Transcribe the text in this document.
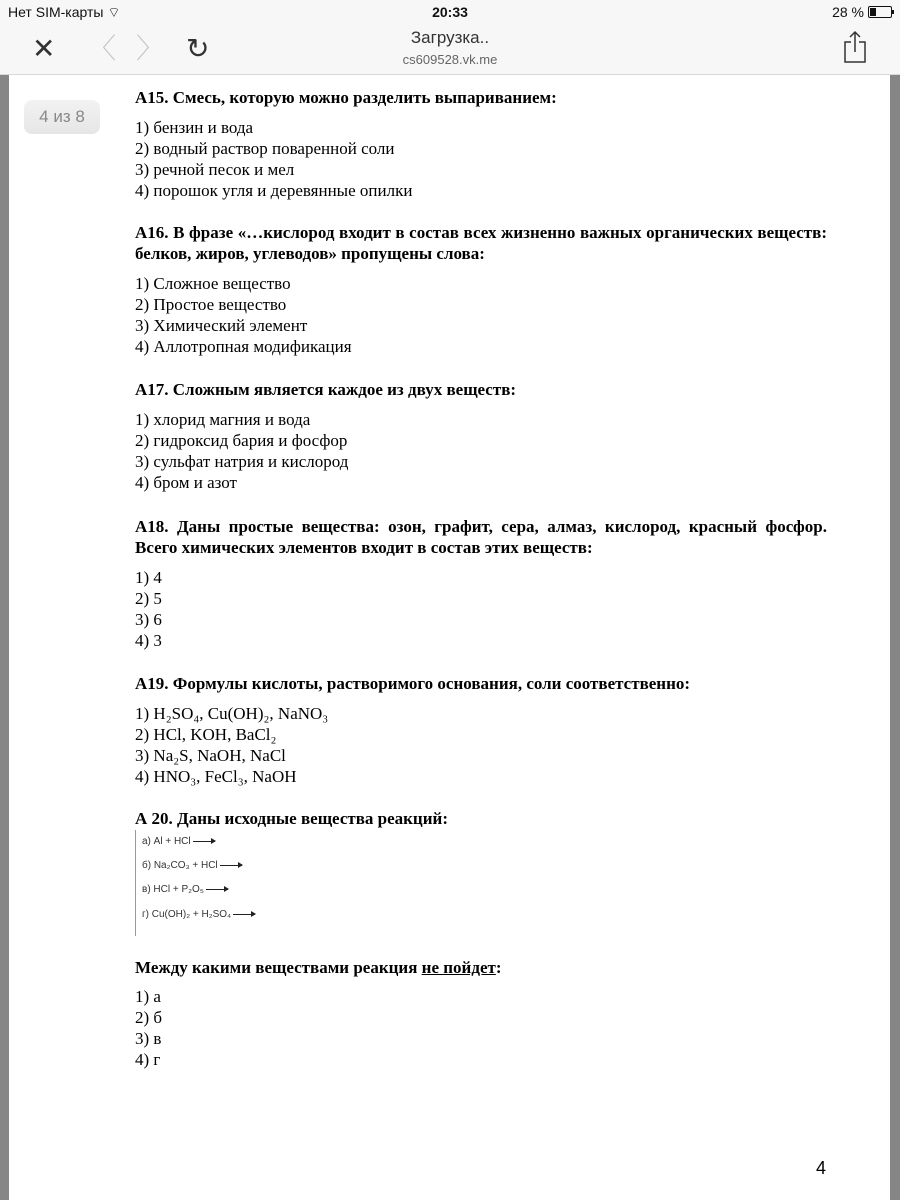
Нет SIM-карты ⌔	20:33	28 %
✕ 〈 〉 ↻	Загрузка..
cs609528.vk.me
4 из 8
А15. Смесь, которую можно разделить выпариванием:
1) бензин и вода
2) водный раствор поваренной соли
3) речной песок и мел
4) порошок угля и деревянные опилки
А16. В фразе «…кислород входит в состав всех жизненно важных органических веществ: белков, жиров, углеводов» пропущены слова:
1) Сложное вещество
2) Простое вещество
3) Химический элемент
4) Аллотропная модификация
А17. Сложным является каждое из двух веществ:
1) хлорид магния и вода
2) гидроксид бария и фосфор
3) сульфат натрия и кислород
4) бром и азот
А18. Даны простые вещества: озон, графит, сера, алмаз, кислород, красный фосфор. Всего химических элементов входит в состав этих веществ:
1) 4
2) 5
3) 6
4) 3
А19. Формулы кислоты, растворимого основания, соли соответственно:
1) H₂SO₄, Cu(OH)₂, NaNO₃
2) HCl, KOH, BaCl₂
3) Na₂S, NaOH, NaCl
4) HNO₃, FeCl₃, NaOH
А 20. Даны исходные вещества реакций:
а) Al + HCl
б) Na₂CO₃ + HCl
в) HCl + P₂O₅
г) Cu(OH)₂ + H₂SO₄
Между какими веществами реакция не пойдет:
1) а
2) б
3) в
4) г
4
